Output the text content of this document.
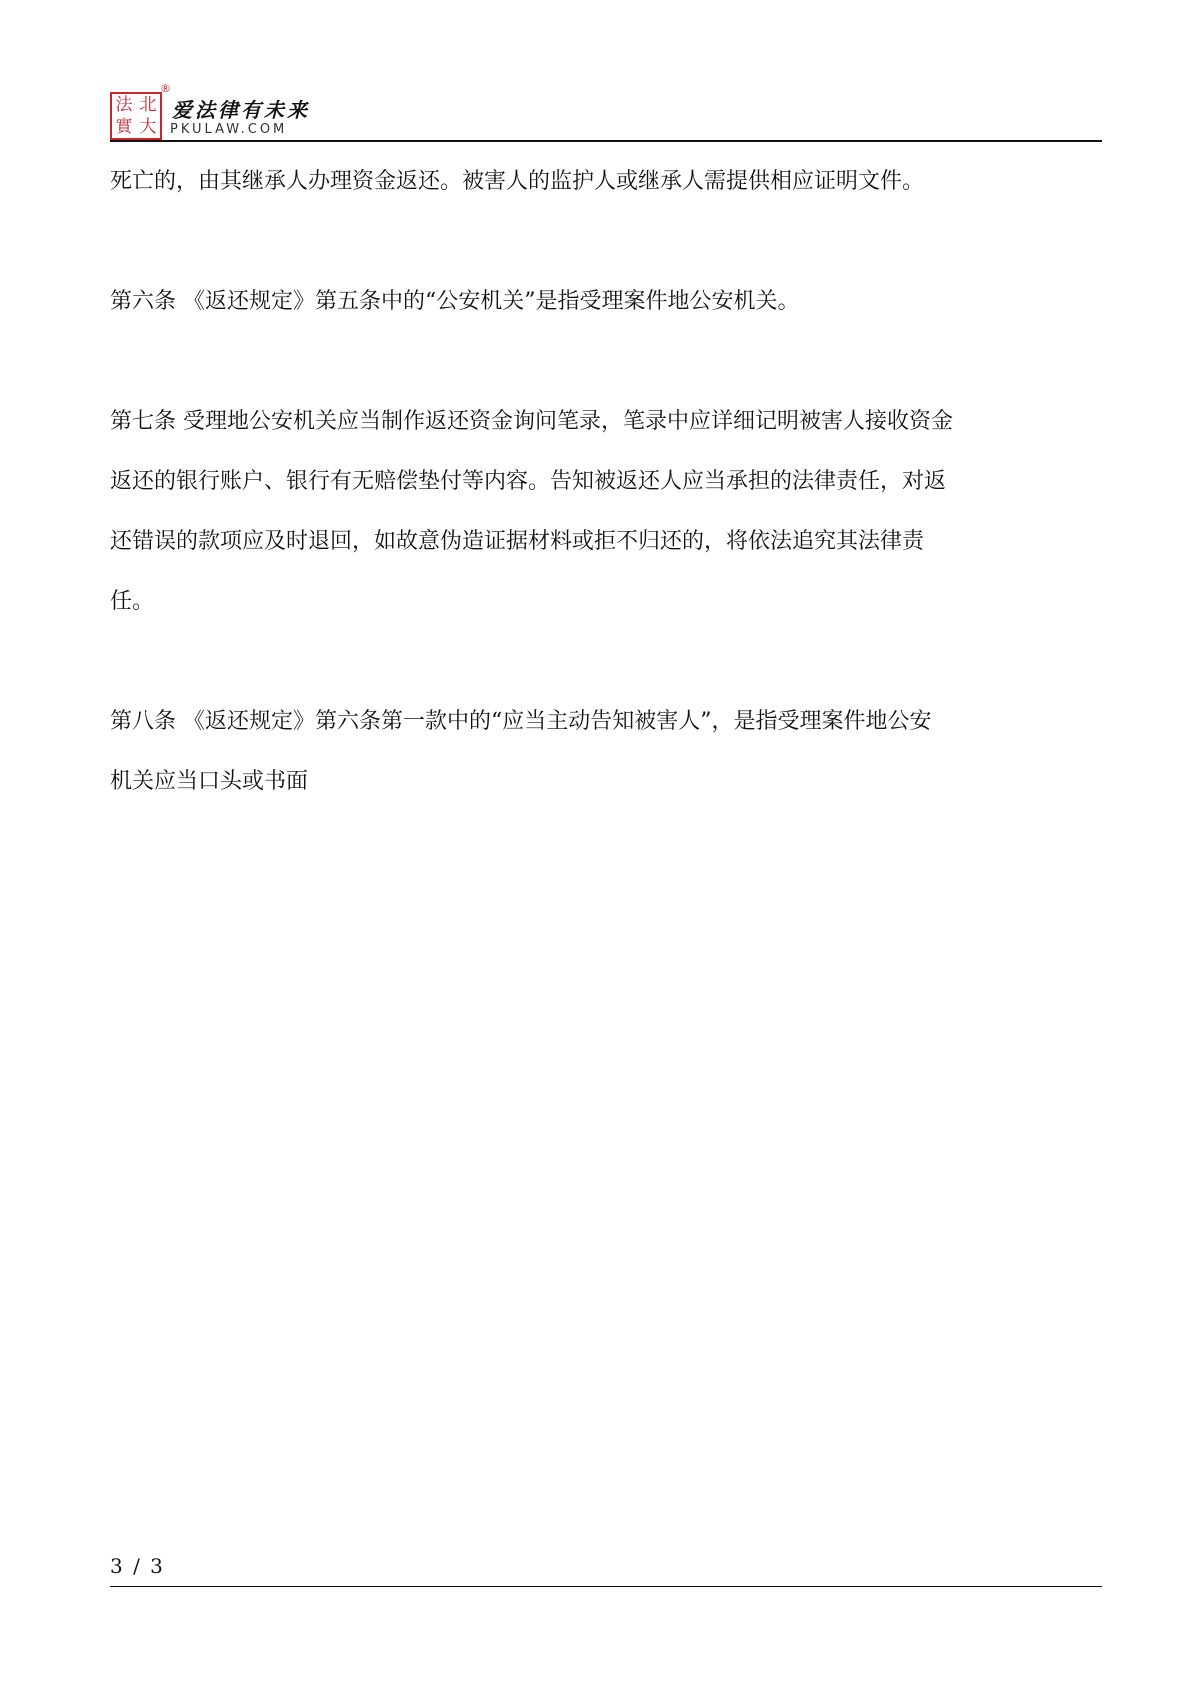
法 北
實 大
®
爱法律有未来
PKULAW.COM
死亡的，由其继承人办理资金返还。被害人的监护人或继承人需提供相应证明文件。
第六条 《返还规定》第五条中的“公安机关”是指受理案件地公安机关。
第七条 受理地公安机关应当制作返还资金询问笔录，笔录中应详细记明被害人接收资金
返还的银行账户、银行有无赔偿垫付等内容。告知被返还人应当承担的法律责任，对返
还错误的款项应及时退回，如故意伪造证据材料或拒不归还的，将依法追究其法律责
任。
第八条 《返还规定》第六条第一款中的“应当主动告知被害人”，是指受理案件地公安
机关应当口头或书面
3 / 3
